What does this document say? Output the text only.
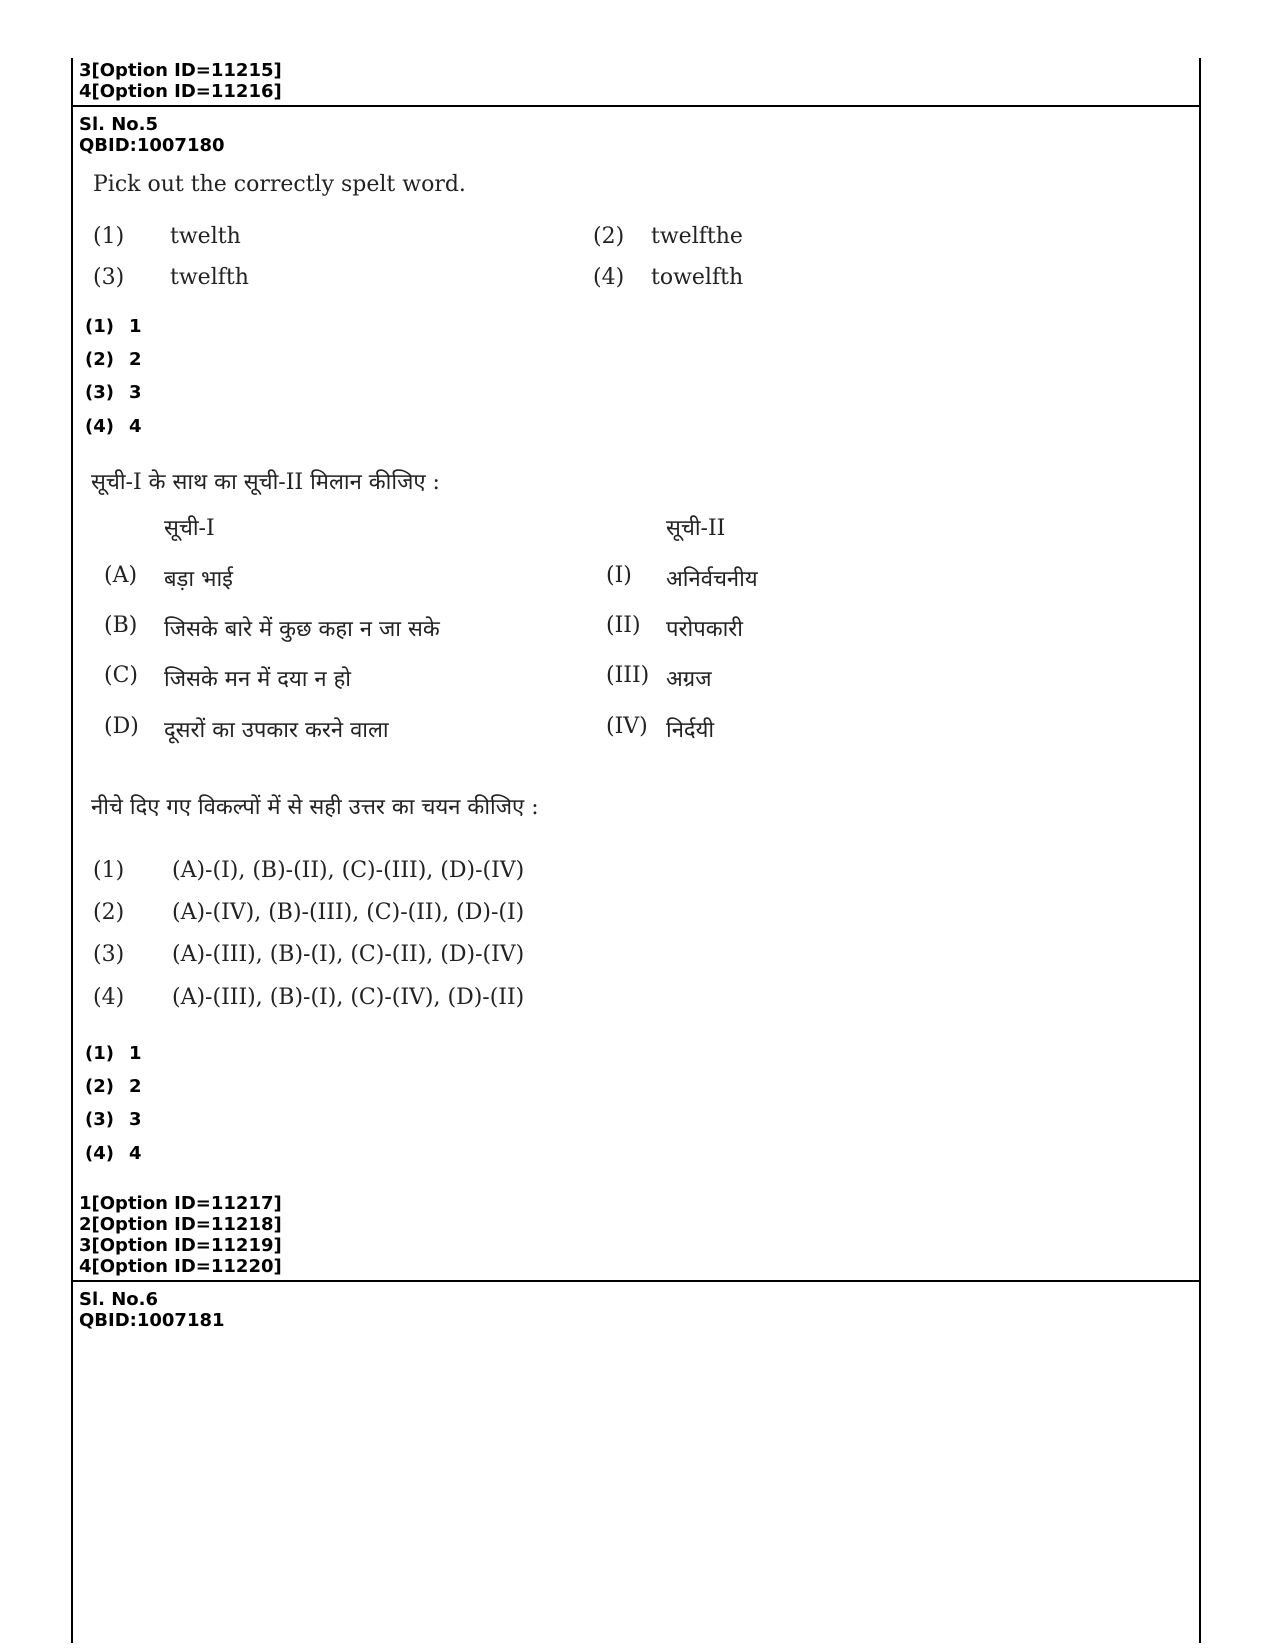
3[Option ID=11215]
4[Option ID=11216]
Sl. No.5
QBID:1007180
Pick out the correctly spelt word.
(1) twelth	(2) twelfthe
(3) twelfth	(4) towelfth
(1) 1
(2) 2
(3) 3
(4) 4
सूची-I के साथ का सूची-II मिलान कीजिए :
सूची-I	सूची-II
(A) बड़ा भाई	(I) अनिर्वचनीय
(B) जिसके बारे में कुछ कहा न जा सके	(II) परोपकारी
(C) जिसके मन में दया न हो	(III) अग्रज
(D) दूसरों का उपकार करने वाला	(IV) निर्दयी
नीचे दिए गए विकल्पों में से सही उत्तर का चयन कीजिए :
(1) (A)-(I), (B)-(II), (C)-(III), (D)-(IV)
(2) (A)-(IV), (B)-(III), (C)-(II), (D)-(I)
(3) (A)-(III), (B)-(I), (C)-(II), (D)-(IV)
(4) (A)-(III), (B)-(I), (C)-(IV), (D)-(II)
(1) 1
(2) 2
(3) 3
(4) 4
1[Option ID=11217]
2[Option ID=11218]
3[Option ID=11219]
4[Option ID=11220]
Sl. No.6
QBID:1007181
